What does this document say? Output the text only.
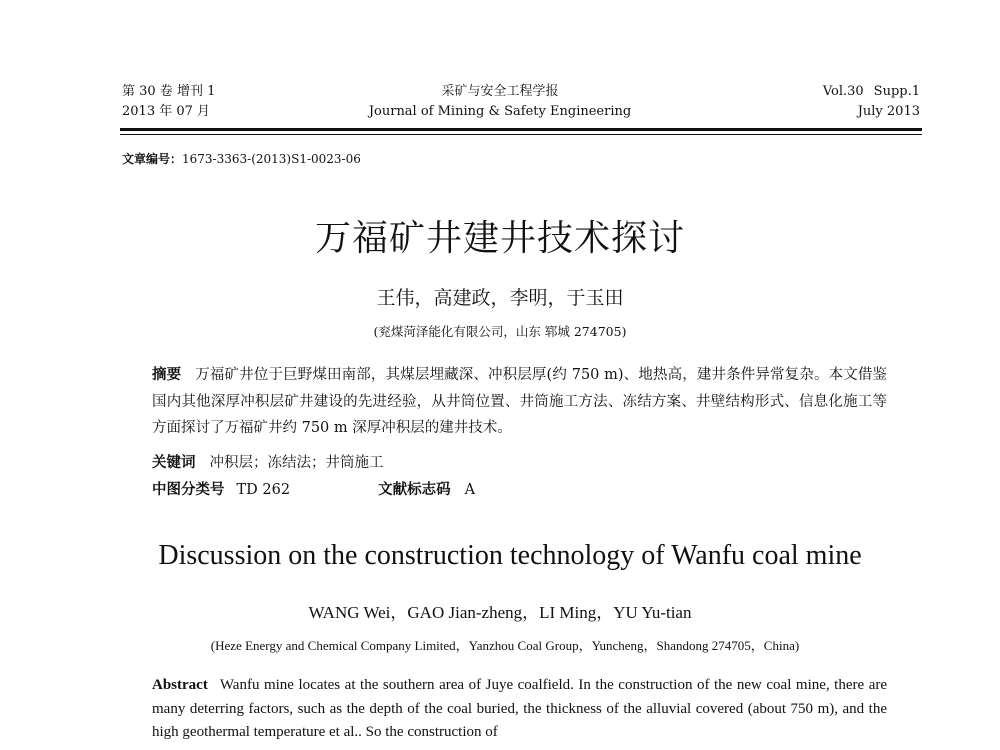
第 30 卷 增刊 1
2013 年 07 月
采矿与安全工程学报
Journal of Mining & Safety Engineering
Vol.30 Supp.1
July 2013
文章编号：1673-3363-(2013)S1-0023-06
万福矿井建井技术探讨
王伟，高建政，李明，于玉田
(兖煤菏泽能化有限公司，山东 郓城 274705)
摘要 万福矿井位于巨野煤田南部，其煤层埋藏深、冲积层厚(约 750 m)、地热高，建井条件异常复杂。本文借鉴国内其他深厚冲积层矿井建设的先进经验，从井筒位置、井筒施工方法、冻结方案、井壁结构形式、信息化施工等方面探讨了万福矿井约 750 m 深厚冲积层的建井技术。
关键词 冲积层；冻结法；井筒施工
中图分类号 TD 262	文献标志码 A
Discussion on the construction technology of Wanfu coal mine
WANG Wei，GAO Jian-zheng，LI Ming，YU Yu-tian
(Heze Energy and Chemical Company Limited，Yanzhou Coal Group，Yuncheng，Shandong 274705，China)
Abstract Wanfu mine locates at the southern area of Juye coalfield. In the construction of the new coal mine, there are many deterring factors, such as the depth of the coal buried, the thickness of the alluvial covered (about 750 m), and the high geothermal temperature et al.. So the construction of
